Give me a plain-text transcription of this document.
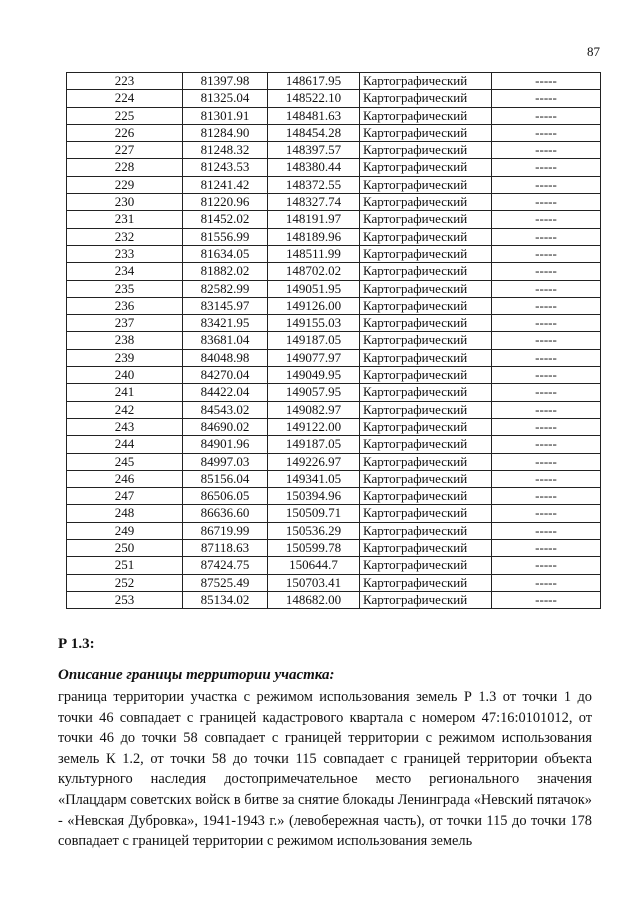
87
223	81397.98	148617.95	Картографический	-----
224	81325.04	148522.10	Картографический	-----
225	81301.91	148481.63	Картографический	-----
226	81284.90	148454.28	Картографический	-----
227	81248.32	148397.57	Картографический	-----
228	81243.53	148380.44	Картографический	-----
229	81241.42	148372.55	Картографический	-----
230	81220.96	148327.74	Картографический	-----
231	81452.02	148191.97	Картографический	-----
232	81556.99	148189.96	Картографический	-----
233	81634.05	148511.99	Картографический	-----
234	81882.02	148702.02	Картографический	-----
235	82582.99	149051.95	Картографический	-----
236	83145.97	149126.00	Картографический	-----
237	83421.95	149155.03	Картографический	-----
238	83681.04	149187.05	Картографический	-----
239	84048.98	149077.97	Картографический	-----
240	84270.04	149049.95	Картографический	-----
241	84422.04	149057.95	Картографический	-----
242	84543.02	149082.97	Картографический	-----
243	84690.02	149122.00	Картографический	-----
244	84901.96	149187.05	Картографический	-----
245	84997.03	149226.97	Картографический	-----
246	85156.04	149341.05	Картографический	-----
247	86506.05	150394.96	Картографический	-----
248	86636.60	150509.71	Картографический	-----
249	86719.99	150536.29	Картографический	-----
250	87118.63	150599.78	Картографический	-----
251	87424.75	150644.7	Картографический	-----
252	87525.49	150703.41	Картографический	-----
253	85134.02	148682.00	Картографический	-----
Р 1.3:
Описание границы территории участка:

граница территории участка с режимом использования земель Р 1.3 от точки 1 до точки 46 совпадает с границей кадастрового квартала с номером 47:16:0101012, от точки 46 до точки 58 совпадает с границей территории с режимом использования земель К 1.2, от точки 58 до точки 115 совпадает с границей территории объекта культурного наследия достопримечательное место регионального значения «Плацдарм советских войск в битве за снятие блокады Ленинграда «Невский пятачок» - «Невская Дубровка», 1941-1943 г.» (левобережная часть), от точки 115 до точки 178 совпадает с границей территории с режимом использования земель
